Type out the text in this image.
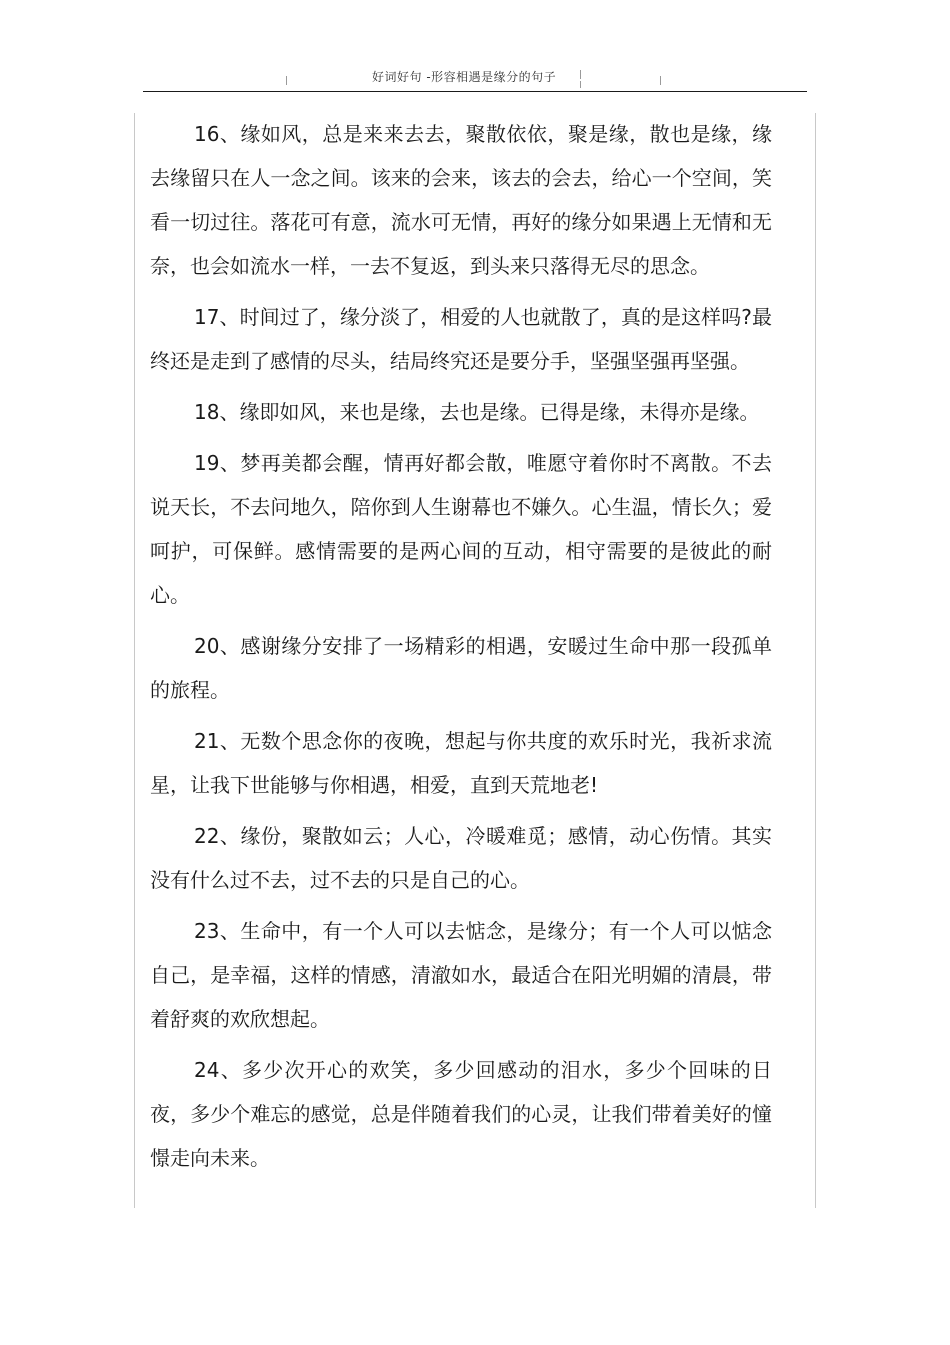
好词好句 -形容相遇是缘分的句子

16、缘如风，总是来来去去，聚散依依，聚是缘，散也是缘，缘去缘留只在人一念之间。该来的会来，该去的会去，给心一个空间，笑看一切过往。落花可有意，流水可无情，再好的缘分如果遇上无情和无奈，也会如流水一样，一去不复返，到头来只落得无尽的思念。

17、时间过了，缘分淡了，相爱的人也就散了，真的是这样吗?最终还是走到了感情的尽头，结局终究还是要分手，坚强坚强再坚强。

18、缘即如风，来也是缘，去也是缘。已得是缘，未得亦是缘。

19、梦再美都会醒，情再好都会散，唯愿守着你时不离散。不去说天长，不去问地久，陪你到人生谢幕也不嫌久。心生温，情长久；爱呵护，可保鲜。感情需要的是两心间的互动，相守需要的是彼此的耐心。

20、感谢缘分安排了一场精彩的相遇，安暖过生命中那一段孤单的旅程。

21、无数个思念你的夜晚，想起与你共度的欢乐时光，我祈求流星，让我下世能够与你相遇，相爱，直到天荒地老!

22、缘份，聚散如云；人心，冷暖难觅；感情，动心伤情。其实没有什么过不去，过不去的只是自己的心。

23、生命中，有一个人可以去惦念，是缘分；有一个人可以惦念自己，是幸福，这样的情感，清澈如水，最适合在阳光明媚的清晨，带着舒爽的欢欣想起。

24、多少次开心的欢笑，多少回感动的泪水，多少个回味的日夜，多少个难忘的感觉，总是伴随着我们的心灵，让我们带着美好的憧憬走向未来。
